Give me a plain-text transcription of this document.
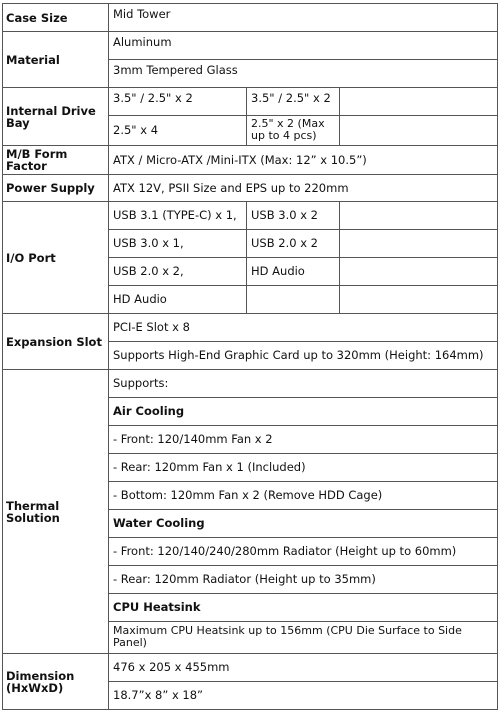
Case Size	Mid Tower		
Material	Aluminum		
	3mm Tempered Glass		
Internal Drive Bay	3.5" / 2.5" x 2	3.5" / 2.5" x 2	
	2.5" x 4	2.5" x 2 (Max up to 4 pcs)	
M/B Form Factor	ATX / Micro-ATX /Mini-ITX (Max: 12” x 10.5”)		
Power Supply	ATX 12V, PSII Size and EPS up to 220mm		
I/O Port	USB 3.1 (TYPE-C) x 1,	USB 3.0 x 2	
	USB 3.0 x 1,	USB 2.0 x 2	
	USB 2.0 x 2,	HD Audio	
	HD Audio		
Expansion Slot	PCI-E Slot x 8		
	Supports High-End Graphic Card up to 320mm (Height: 164mm)		
Thermal Solution	Supports:		
	Air Cooling		
	- Front: 120/140mm Fan x 2		
	- Rear: 120mm Fan x 1 (Included)		
	- Bottom: 120mm Fan x 2 (Remove HDD Cage)		
	Water Cooling		
	- Front: 120/140/240/280mm Radiator (Height up to 60mm)		
	- Rear: 120mm Radiator (Height up to 35mm)		
	CPU Heatsink		
	Maximum CPU Heatsink up to 156mm (CPU Die Surface to Side Panel)		
Dimension (HxWxD)	476 x 205 x 455mm		
	18.7”x 8” x 18”		
